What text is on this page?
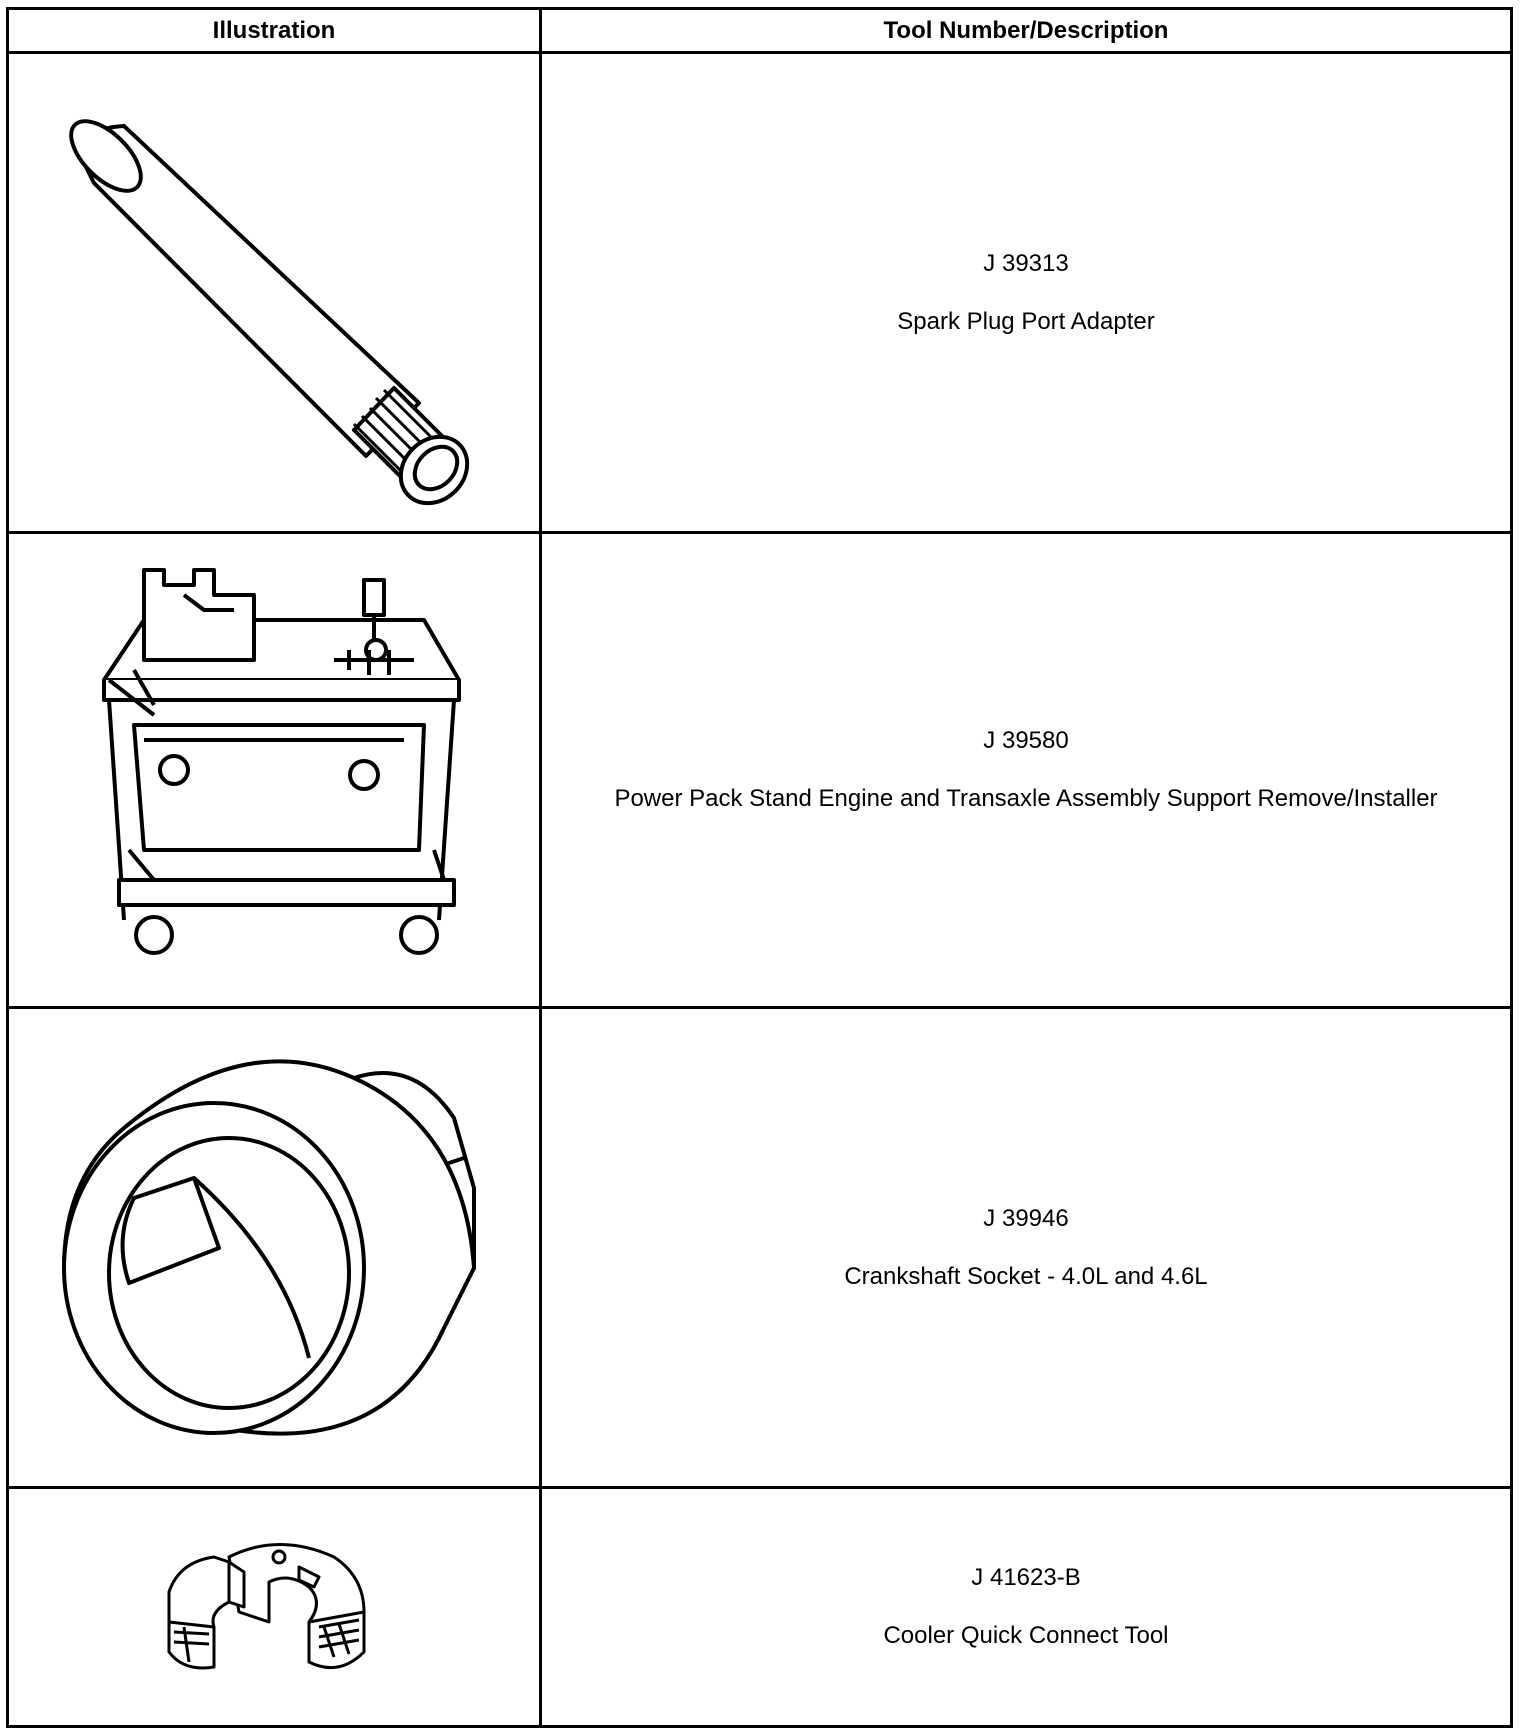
Illustration	Tool Number/Description

J 39313
Spark Plug Port Adapter

J 39580
Power Pack Stand Engine and Transaxle Assembly Support Remove/Installer

J 39946
Crankshaft Socket - 4.0L and 4.6L

J 41623-B
Cooler Quick Connect Tool
